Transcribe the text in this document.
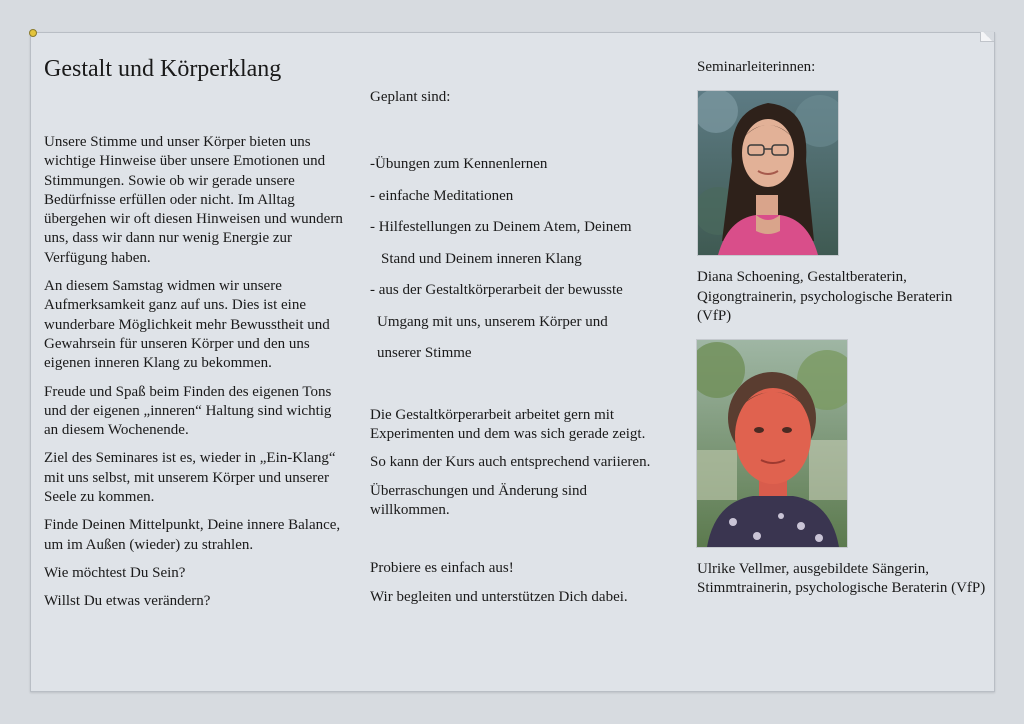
Gestalt und Körperklang

Unsere Stimme und unser Körper bieten uns wichtige Hinweise über unsere Emotionen und Stimmungen. Sowie ob wir gerade unsere Bedürfnisse erfüllen oder nicht. Im Alltag übergehen wir oft diesen Hinweisen und wundern uns, dass wir dann nur wenig Energie zur Verfügung haben.

An diesem Samstag widmen wir unsere Aufmerksamkeit ganz auf uns. Dies ist eine wunderbare Möglichkeit mehr Bewusstheit und Gewahrsein für unseren Körper und den uns eigenen inneren Klang zu bekommen.

Freude und Spaß beim Finden des eigenen Tons und der eigenen „inneren“ Haltung sind wichtig an diesem Wochenende.

Ziel des Seminares ist es, wieder in „Ein-Klang“ mit uns selbst, mit unserem Körper und unserer Seele zu kommen.

Finde Deinen Mittelpunkt, Deine innere Balance, um im Außen (wieder) zu strahlen.

Wie möchtest Du Sein?

Willst Du etwas verändern?

Geplant sind:

-Übungen zum Kennenlernen

- einfache Meditationen

- Hilfestellungen zu Deinem Atem, Deinem

Stand und Deinem inneren Klang

- aus der Gestaltkörperarbeit der bewusste

Umgang mit uns, unserem Körper und

unserer Stimme

Die Gestaltkörperarbeit arbeitet gern mit Experimenten und dem was sich gerade zeigt.

So kann der Kurs auch entsprechend variieren.

Überraschungen und Änderung sind willkommen.

Probiere es einfach aus!

Wir begleiten und unterstützen Dich dabei.

Seminarleiterinnen:

Diana Schoening, Gestaltberaterin, Qigongtrainerin, psychologische Beraterin (VfP)

Ulrike Vellmer, ausgebildete Sängerin, Stimmtrainerin, psychologische Beraterin (VfP)
